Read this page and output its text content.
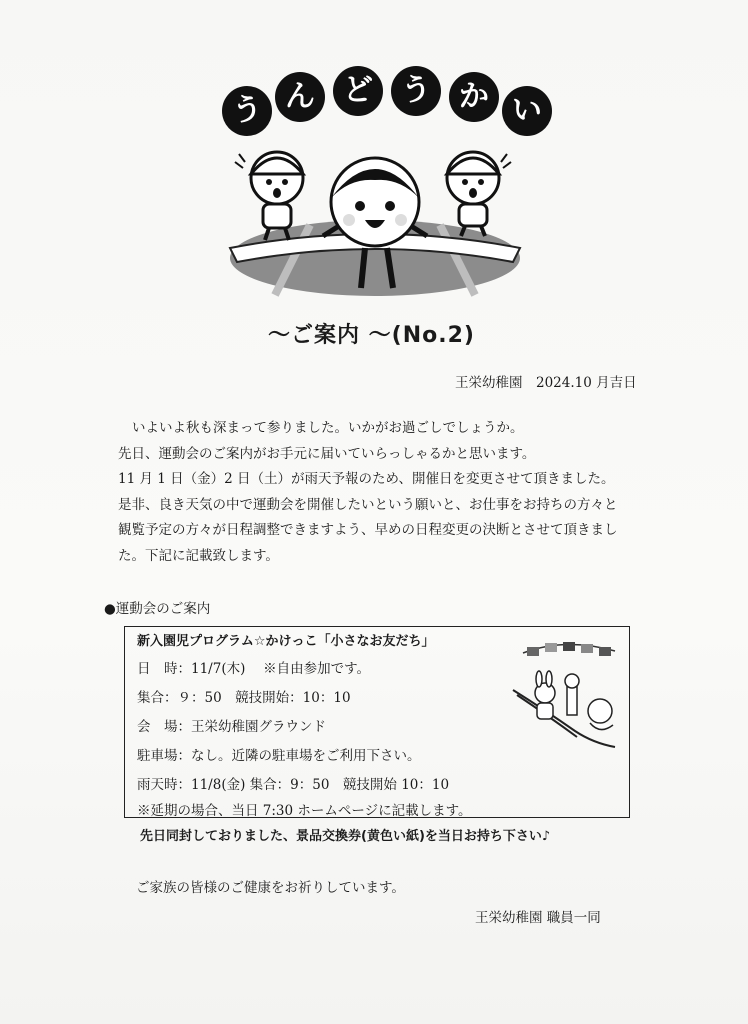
う ん ど う か い
～ご案内 ～(No.2)
王栄幼稚園　2024.10 月吉日

いよいよ秋も深まって参りました。いかがお過ごしでしょうか。

先日、運動会のご案内がお手元に届いていらっしゃるかと思います。

11 月 1 日（金）2 日（土）が雨天予報のため、開催日を変更させて頂きました。

是非、良き天気の中で運動会を開催したいという願いと、お仕事をお持ちの方々と

観覧予定の方々が日程調整できますよう、早めの日程変更の決断とさせて頂きまし

た。下記に記載致します。

●運動会のご案内
新入園児プログラム☆かけっこ「小さなお友だち」
日　時：11/7(木)　 ※自由参加です。
集合：９：50　競技開始：10：10
会　場：王栄幼稚園グラウンド
駐車場：なし。近隣の駐車場をご利用下さい。
雨天時：11/8(金) 集合：9：50　競技開始 10：10
※延期の場合、当日 7:30 ホームページに記載します。
先日同封しておりました、景品交換券(黄色い紙)を当日お持ち下さい♪
ご家族の皆様のご健康をお祈りしています。
王栄幼稚園 職員一同
